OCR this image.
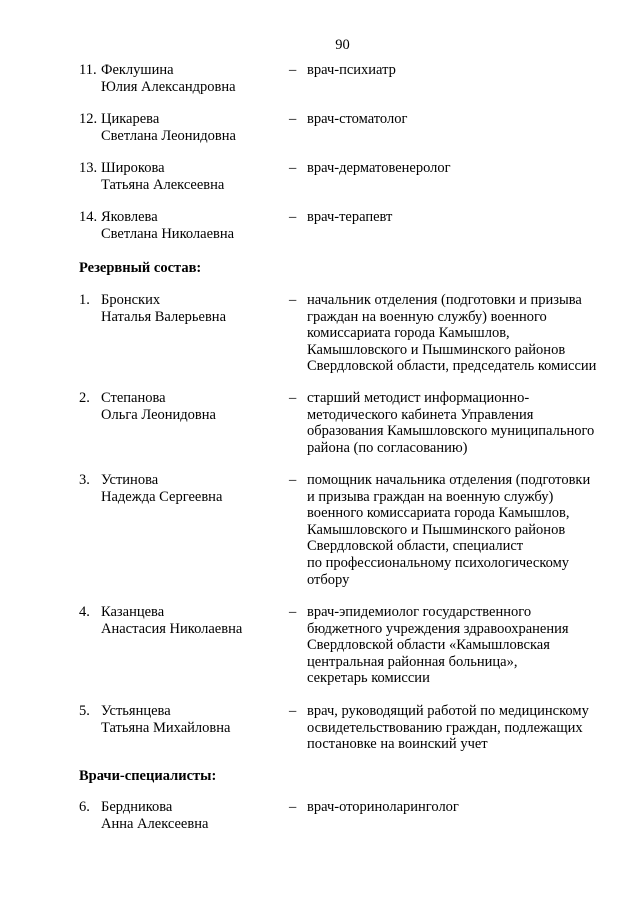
90
11. Феклушина
Юлия Александровна
– врач-психиатр
12. Цикарева
Светлана Леонидовна
– врач-стоматолог
13. Широкова
Татьяна Алексеевна
– врач-дерматовенеролог
14. Яковлева
Светлана Николаевна
– врач-терапевт
Резервный состав:
1. Бронских
Наталья Валерьевна
– начальник отделения (подготовки и призыва
граждан на военную службу) военного
комиссариата города Камышлов,
Камышловского и Пышминского районов
Свердловской области, председатель комиссии
2. Степанова
Ольга Леонидовна
– старший методист информационно-
методического кабинета Управления
образования Камышловского муниципального
района (по согласованию)
3. Устинова
Надежда Сергеевна
– помощник начальника отделения (подготовки
и призыва граждан на военную службу)
военного комиссариата города Камышлов,
Камышловского и Пышминского районов
Свердловской области, специалист
по профессиональному психологическому
отбору
4. Казанцева
Анастасия Николаевна
– врач-эпидемиолог государственного
бюджетного учреждения здравоохранения
Свердловской области «Камышловская
центральная районная больница»,
секретарь комиссии
5. Устьянцева
Татьяна Михайловна
– врач, руководящий работой по медицинскому
освидетельствованию граждан, подлежащих
постановке на воинский учет
Врачи-специалисты:
6. Бердникова
Анна Алексеевна
– врач-оториноларинголог
